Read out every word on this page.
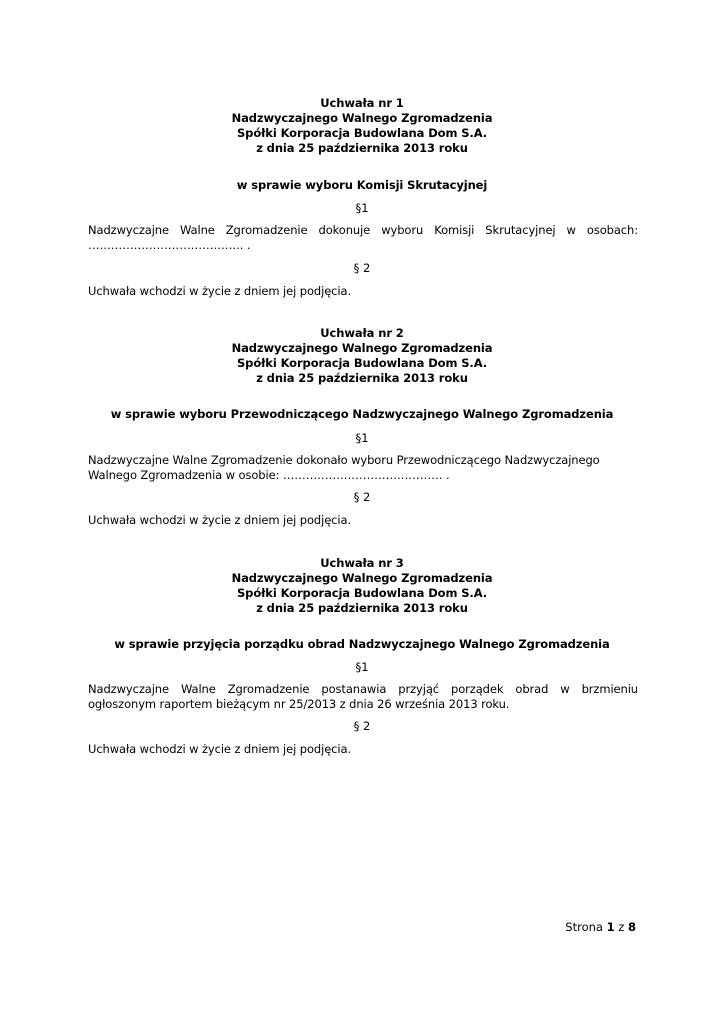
Uchwała nr 1
Nadzwyczajnego Walnego Zgromadzenia
Spółki Korporacja Budowlana Dom S.A.
z dnia 25 października 2013 roku
w sprawie wyboru Komisji Skrutacyjnej
§1
Nadzwyczajne Walne Zgromadzenie dokonuje wyboru Komisji Skrutacyjnej w osobach: ………………………………….. .
§ 2
Uchwała wchodzi w życie z dniem jej podjęcia.
Uchwała nr 2
Nadzwyczajnego Walnego Zgromadzenia
Spółki Korporacja Budowlana Dom S.A.
z dnia 25 października 2013 roku
w sprawie wyboru Przewodniczącego Nadzwyczajnego Walnego Zgromadzenia
§1
Nadzwyczajne Walne Zgromadzenie dokonało wyboru Przewodniczącego Nadzwyczajnego Walnego Zgromadzenia w osobie: …………………………………… .
§ 2
Uchwała wchodzi w życie z dniem jej podjęcia.
Uchwała nr 3
Nadzwyczajnego Walnego Zgromadzenia
Spółki Korporacja Budowlana Dom S.A.
z dnia 25 października 2013 roku
w sprawie przyjęcia porządku obrad Nadzwyczajnego Walnego Zgromadzenia
§1
Nadzwyczajne Walne Zgromadzenie postanawia przyjąć porządek obrad w brzmieniu ogłoszonym raportem bieżącym nr 25/2013 z dnia 26 września 2013 roku.
§ 2
Uchwała wchodzi w życie z dniem jej podjęcia.
Strona 1 z 8
